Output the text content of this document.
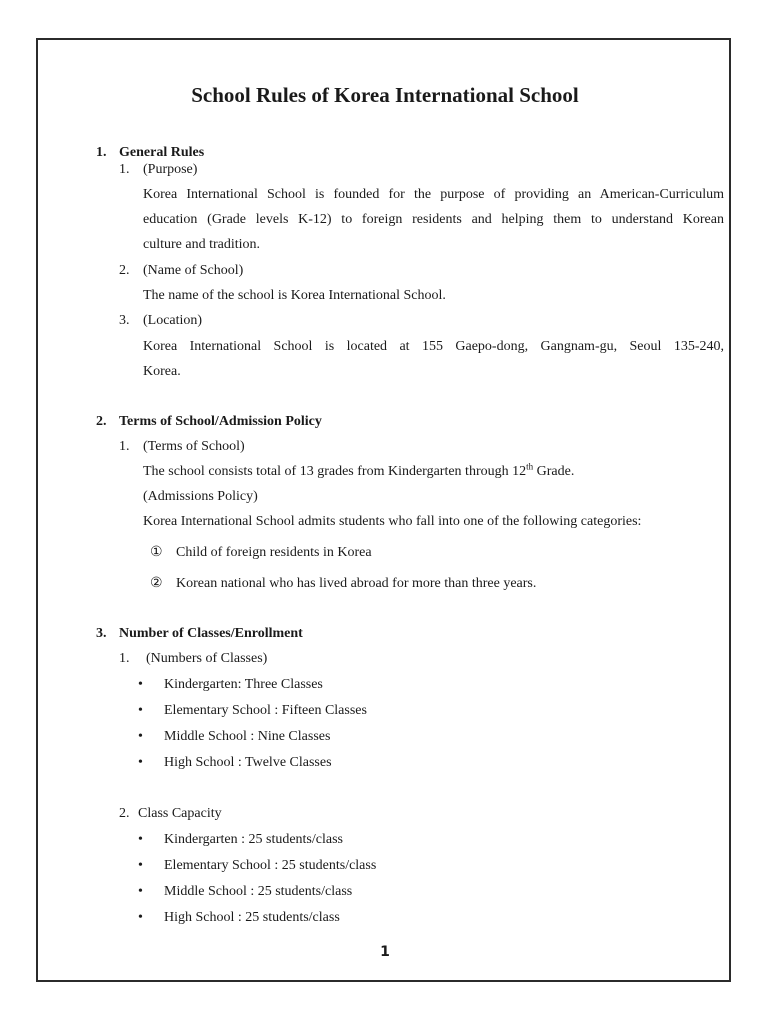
School Rules of Korea International School
1. General Rules
1. (Purpose)
Korea International School is founded for the purpose of providing an American-Curriculum
education (Grade levels K-12) to foreign residents and helping them to understand Korean
culture and tradition.
2. (Name of School)
The name of the school is Korea International School.
3. (Location)
Korea International School is located at 155 Gaepo-dong, Gangnam-gu, Seoul 135-240,
Korea.
2. Terms of School/Admission Policy
1. (Terms of School)
The school consists total of 13 grades from Kindergarten through 12th Grade.
(Admissions Policy)
Korea International School admits students who fall into one of the following categories:
① Child of foreign residents in Korea
② Korean national who has lived abroad for more than three years.
3. Number of Classes/Enrollment
1. (Numbers of Classes)
• Kindergarten: Three Classes
• Elementary School : Fifteen Classes
• Middle School : Nine Classes
• High School : Twelve Classes
2. Class Capacity
• Kindergarten : 25 students/class
• Elementary School : 25 students/class
• Middle School : 25 students/class
• High School : 25 students/class
1
